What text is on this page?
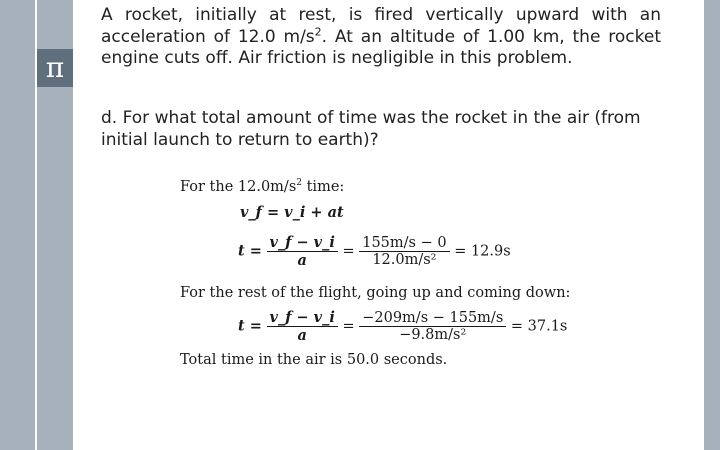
π
A rocket, initially at rest, is fired vertically upward with an acceleration of 12.0 $m/s^2$. At an altitude of 1.00 km, the rocket engine cuts off. Air friction is negligible in this problem.
d. For what total amount of time was the rocket in the air (from initial launch to return to earth)?
For the $12.0m/s^2$ time:
v_f = v_i + at
$t = \frac{v\_f - v\_i}{a} = \frac{155m/s - 0}{\text{12.0m/s²}} = 12.9s$
For the rest of the flight, going up and coming down:
$t = \frac{v\_f - v\_i}{a} = \frac{-209m/s - 155m/s}{\text{−9.8m/s²}} = 37.1s$
Total time in the air is 50.0 seconds.
